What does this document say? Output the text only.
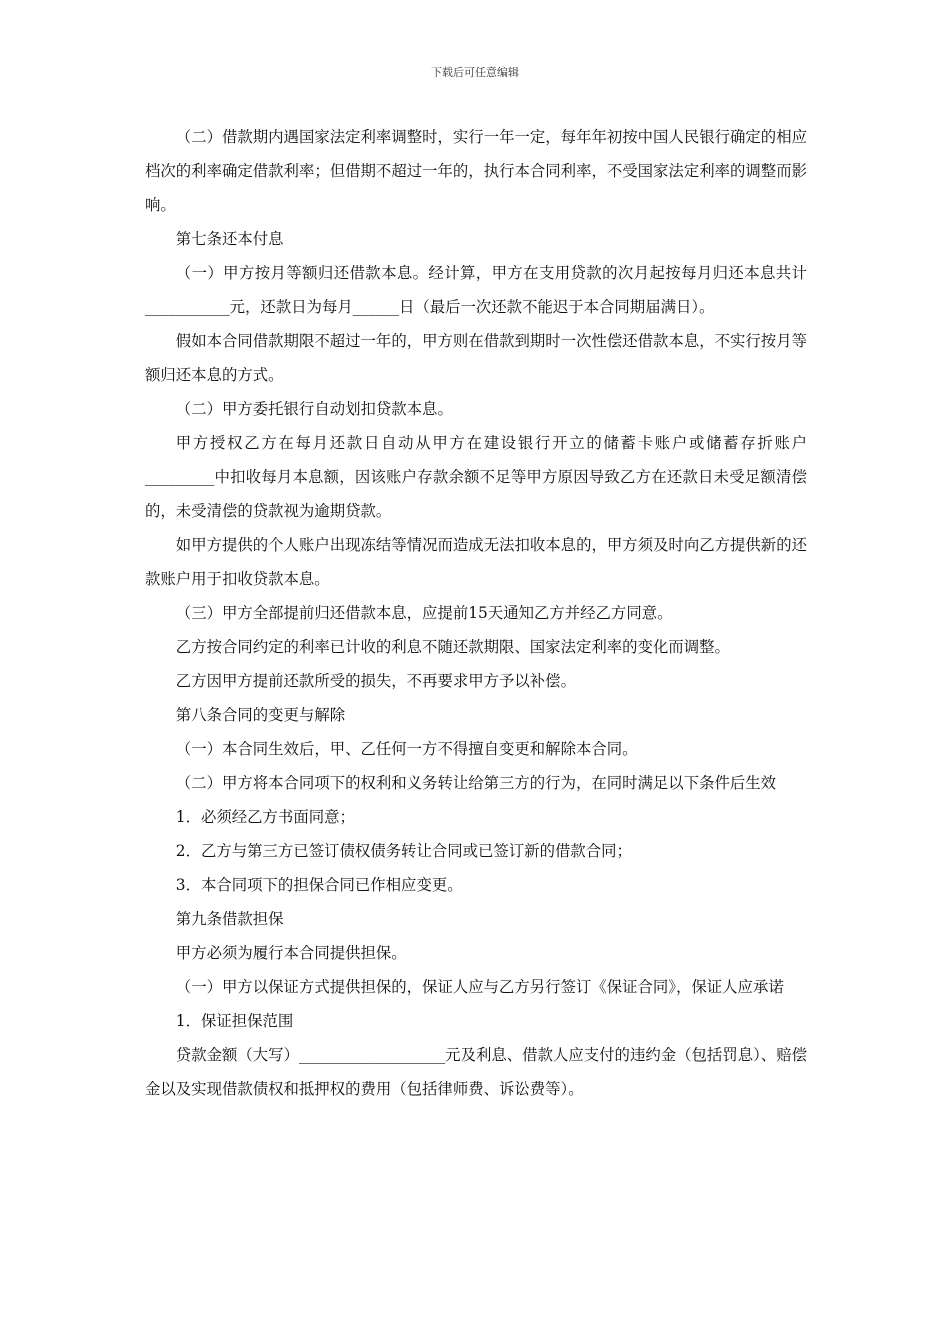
下载后可任意编辑

（二）借款期内遇国家法定利率调整时，实行一年一定，每年年初按中国人民银行确定的相应档次的利率确定借款利率；但借期不超过一年的，执行本合同利率，不受国家法定利率的调整而影响。

第七条还本付息

（一）甲方按月等额归还借款本息。经计算，甲方在支用贷款的次月起按每月归还本息共计___________元，还款日为每月______日（最后一次还款不能迟于本合同期届满日）。

假如本合同借款期限不超过一年的，甲方则在借款到期时一次性偿还借款本息，不实行按月等额归还本息的方式。

（二）甲方委托银行自动划扣贷款本息。

甲方授权乙方在每月还款日自动从甲方在建设银行开立的储蓄卡账户或储蓄存折账户_________中扣收每月本息额，因该账户存款余额不足等甲方原因导致乙方在还款日未受足额清偿的，未受清偿的贷款视为逾期贷款。

如甲方提供的个人账户出现冻结等情况而造成无法扣收本息的，甲方须及时向乙方提供新的还款账户用于扣收贷款本息。

（三）甲方全部提前归还借款本息，应提前15天通知乙方并经乙方同意。

乙方按合同约定的利率已计收的利息不随还款期限、国家法定利率的变化而调整。

乙方因甲方提前还款所受的损失，不再要求甲方予以补偿。

第八条合同的变更与解除

（一）本合同生效后，甲、乙任何一方不得擅自变更和解除本合同。

（二）甲方将本合同项下的权利和义务转让给第三方的行为，在同时满足以下条件后生效

1．必须经乙方书面同意；

2．乙方与第三方已签订债权债务转让合同或已签订新的借款合同；

3．本合同项下的担保合同已作相应变更。

第九条借款担保

甲方必须为履行本合同提供担保。

（一）甲方以保证方式提供担保的，保证人应与乙方另行签订《保证合同》，保证人应承诺

1．保证担保范围

贷款金额（大写）___________________元及利息、借款人应支付的违约金（包括罚息）、赔偿金以及实现借款债权和抵押权的费用（包括律师费、诉讼费等）。
